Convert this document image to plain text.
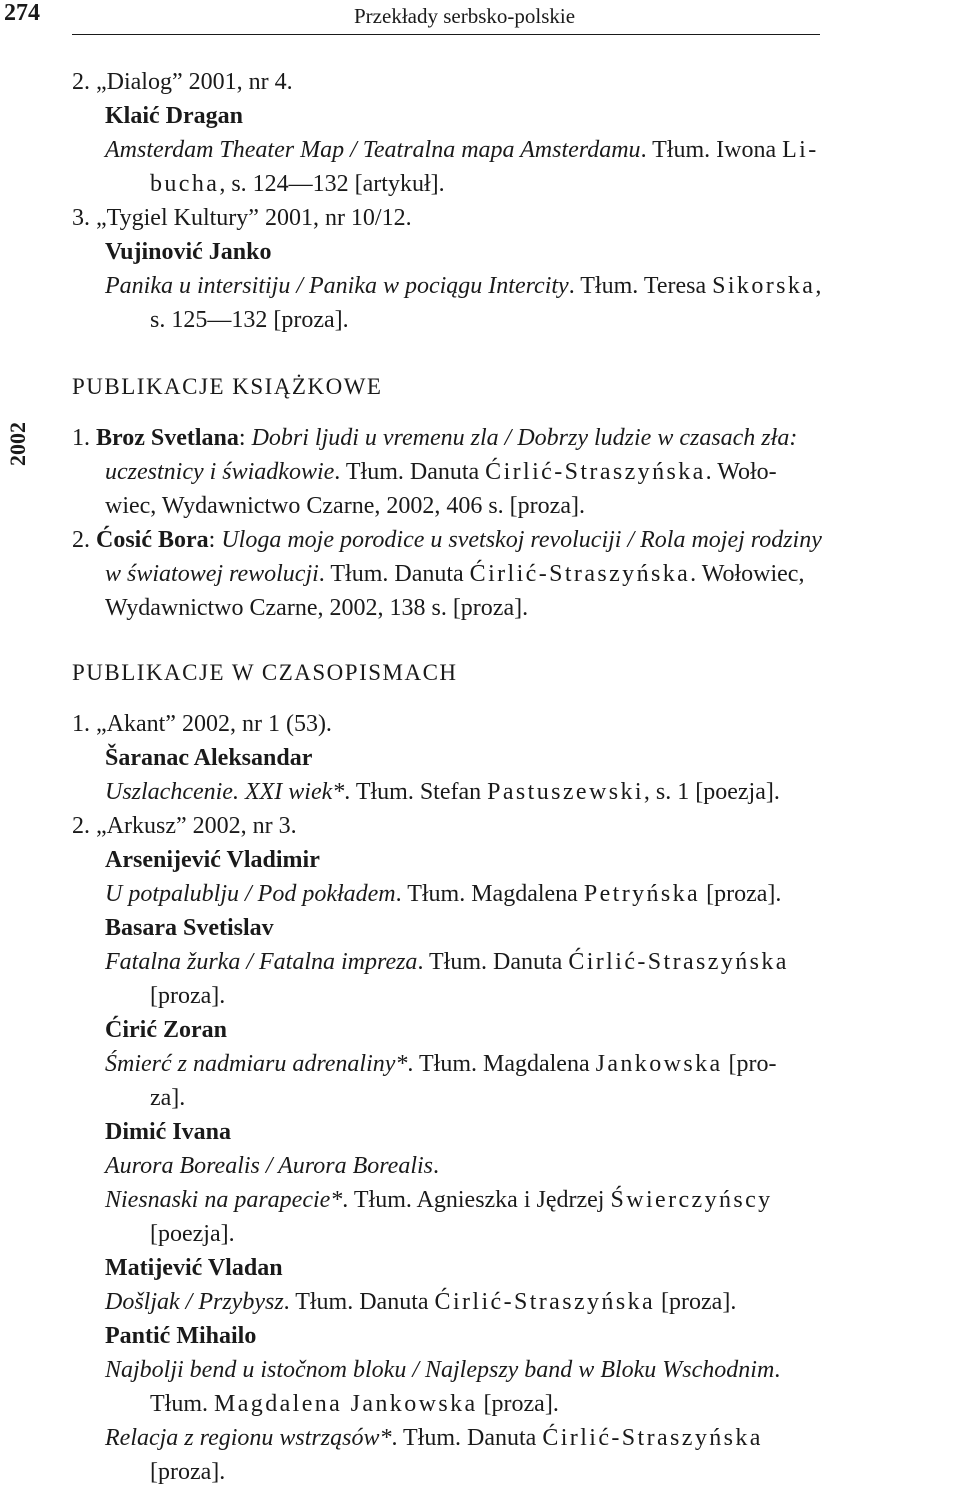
274	Przekłady serbsko-polskie
2002
2. „Dialog” 2001, nr 4.
Klaić Dragan
Amsterdam Theater Map / Teatralna mapa Amsterdamu. Tłum. Iwona Li-
bucha, s. 124—132 [artykuł].
3. „Tygiel Kultury” 2001, nr 10/12.
Vujinović Janko
Panika u intersitiju / Panika w pociągu Intercity. Tłum. Teresa Sikorska,
s. 125—132 [proza].
PUBLIKACJE KSIĄŻKOWE
1. Broz Svetlana: Dobri ljudi u vremenu zla / Dobrzy ludzie w czasach zła:
uczestnicy i świadkowie. Tłum. Danuta Ćirlić-Straszyńska. Woło-
wiec, Wydawnictwo Czarne, 2002, 406 s. [proza].
2. Ćosić Bora: Uloga moje porodice u svetskoj revoluciji / Rola mojej rodziny
w światowej rewolucji. Tłum. Danuta Ćirlić-Straszyńska. Wołowiec,
Wydawnictwo Czarne, 2002, 138 s. [proza].
PUBLIKACJE W CZASOPISMACH
1. „Akant” 2002, nr 1 (53).
Šaranac Aleksandar
Uszlachcenie. XXI wiek*. Tłum. Stefan Pastuszewski, s. 1 [poezja].
2. „Arkusz” 2002, nr 3.
Arsenijević Vladimir
U potpalublju / Pod pokładem. Tłum. Magdalena Petryńska [proza].
Basara Svetislav
Fatalna žurka / Fatalna impreza. Tłum. Danuta Ćirlić-Straszyńska
[proza].
Ćirić Zoran
Śmierć z nadmiaru adrenaliny*. Tłum. Magdalena Jankowska [pro-
za].
Dimić Ivana
Aurora Borealis / Aurora Borealis.
Niesnaski na parapecie*. Tłum. Agnieszka i Jędrzej Świerczyńscy
[poezja].
Matijević Vladan
Došljak / Przybysz. Tłum. Danuta Ćirlić-Straszyńska [proza].
Pantić Mihailo
Najbolji bend u istočnom bloku / Najlepszy band w Bloku Wschodnim.
Tłum. Magdalena Jankowska [proza].
Relacja z regionu wstrząsów*. Tłum. Danuta Ćirlić-Straszyńska
[proza].
